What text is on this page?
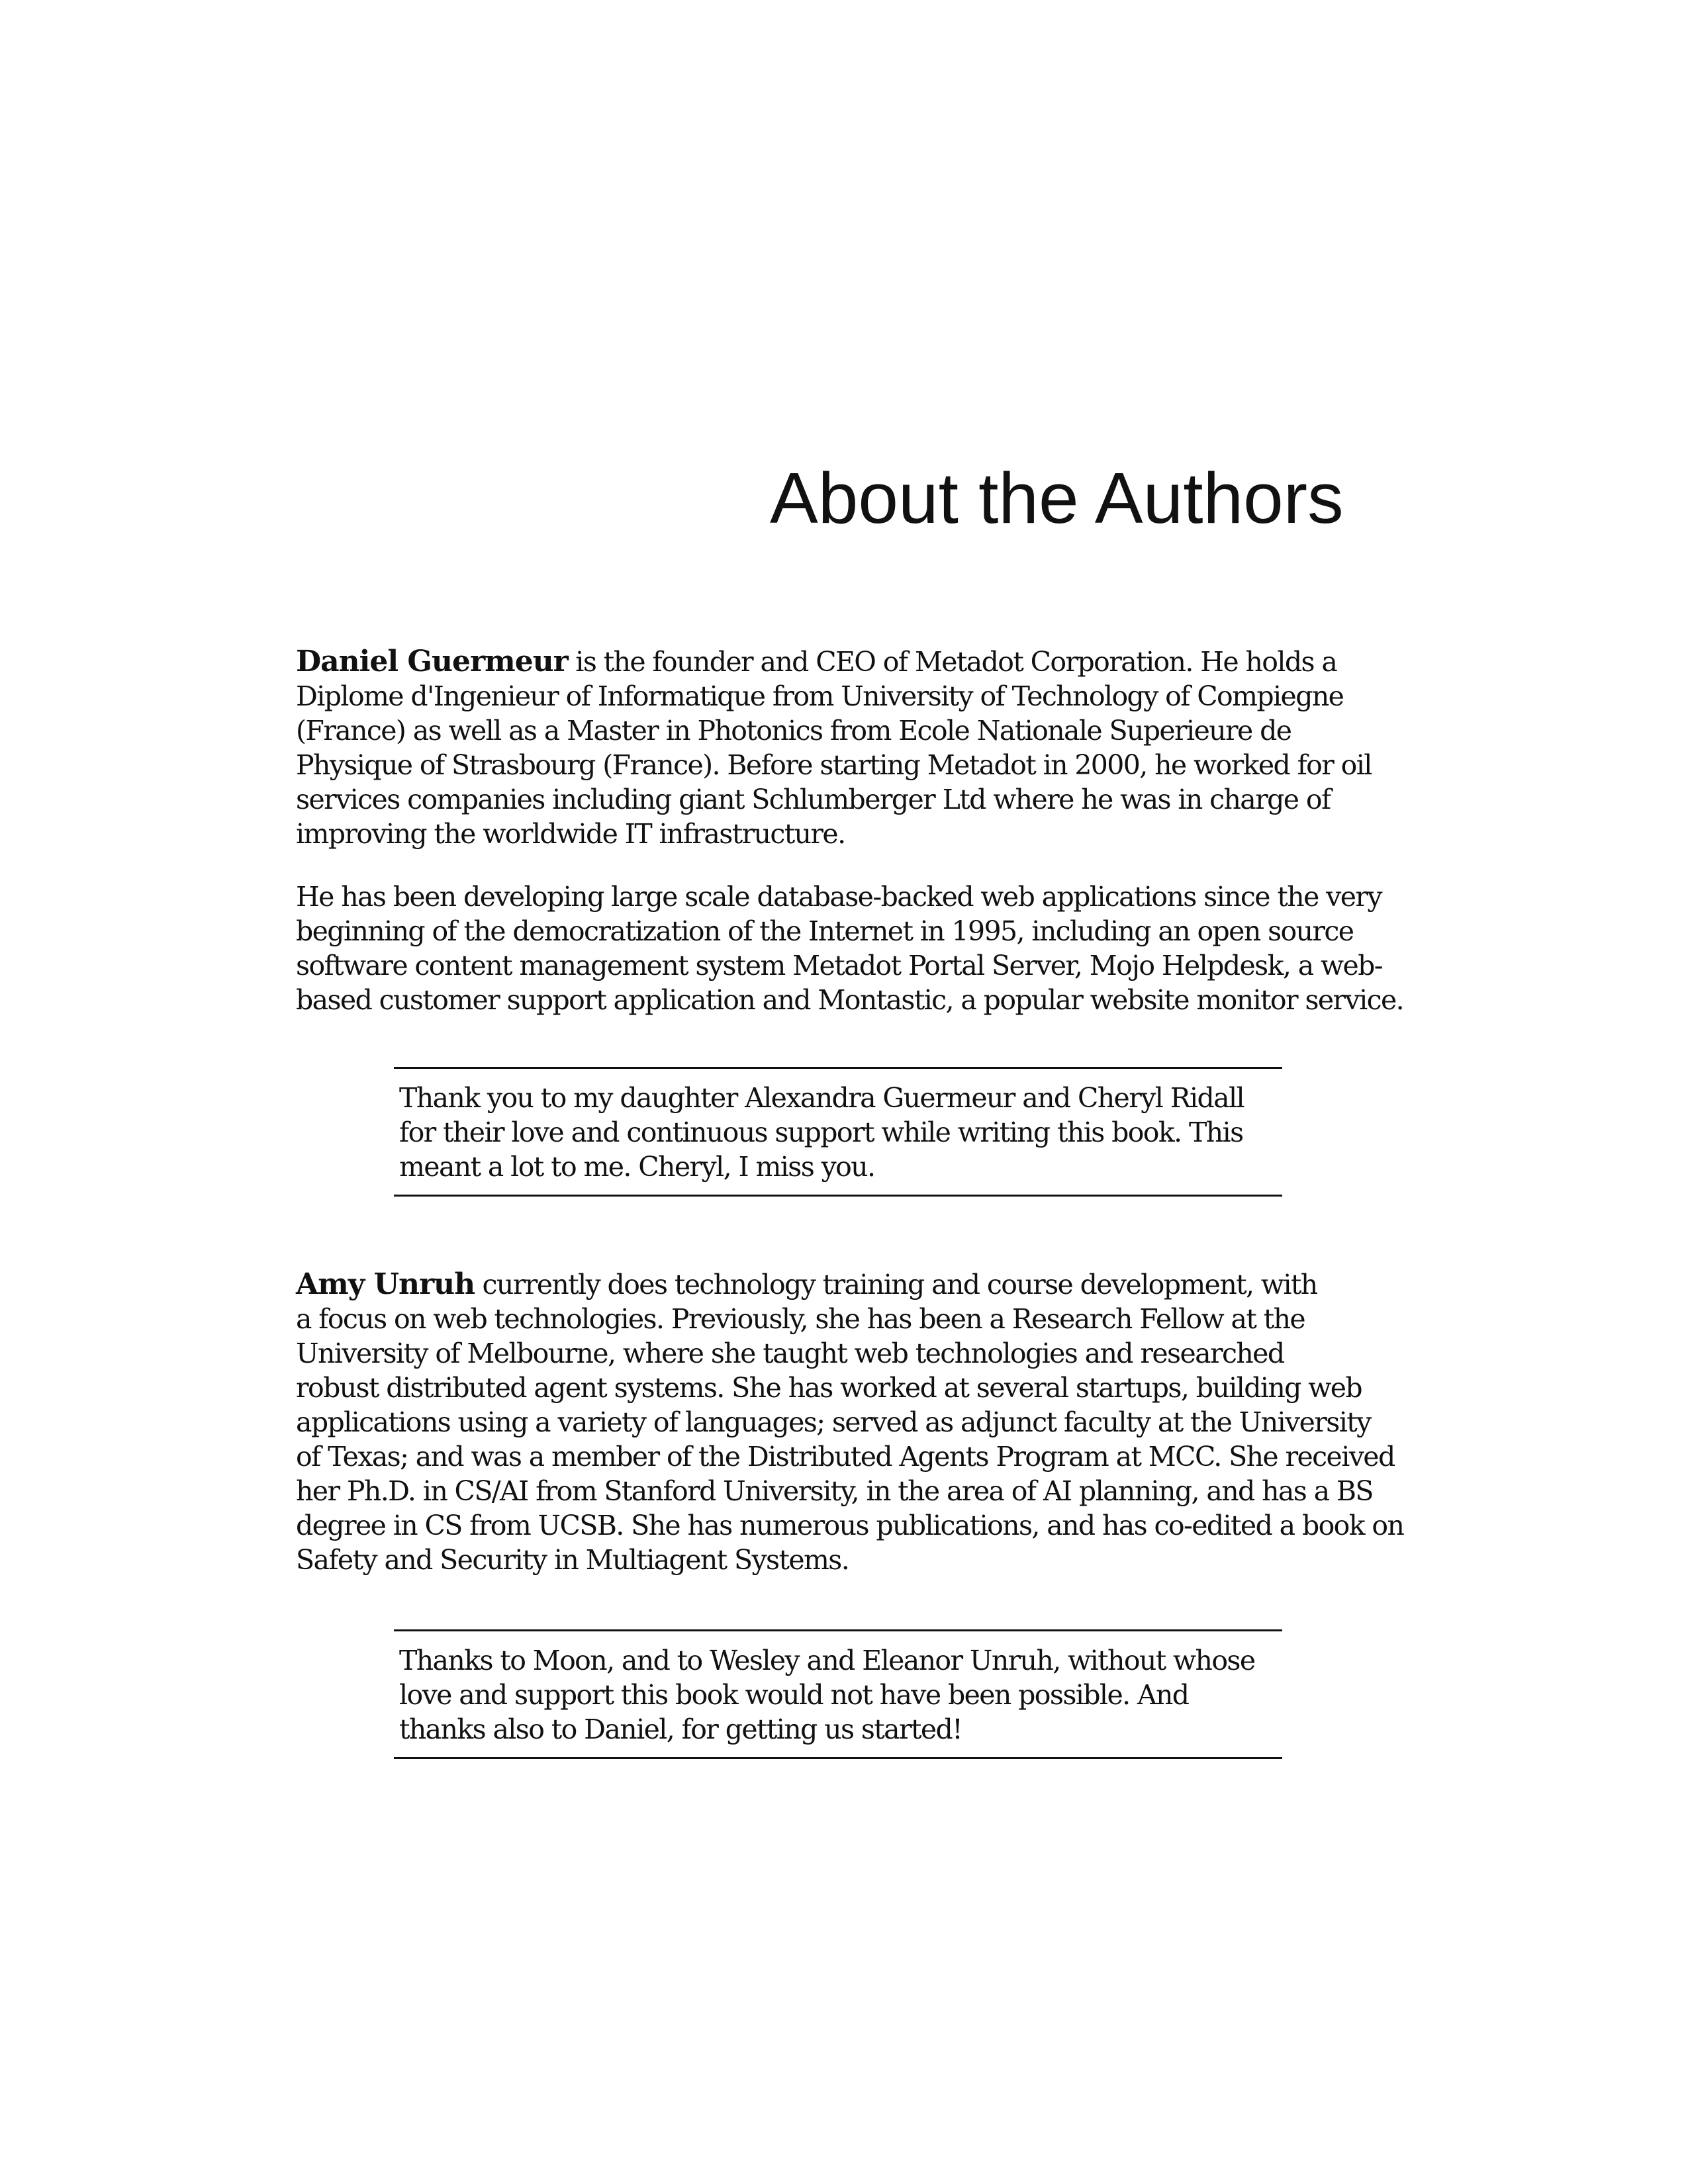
About the Authors

Daniel Guermeur is the founder and CEO of Metadot Corporation. He holds a
Diplome d'Ingenieur of Informatique from University of Technology of Compiegne
(France) as well as a Master in Photonics from Ecole Nationale Superieure de
Physique of Strasbourg (France). Before starting Metadot in 2000, he worked for oil
services companies including giant Schlumberger Ltd where he was in charge of
improving the worldwide IT infrastructure.

He has been developing large scale database-backed web applications since the very
beginning of the democratization of the Internet in 1995, including an open source
software content management system Metadot Portal Server, Mojo Helpdesk, a web-
based customer support application and Montastic, a popular website monitor service.

Thank you to my daughter Alexandra Guermeur and Cheryl Ridall

for their love and continuous support while writing this book. This

meant a lot to me. Cheryl, I miss you.

Amy Unruh currently does technology training and course development, with
a focus on web technologies. Previously, she has been a Research Fellow at the
University of Melbourne, where she taught web technologies and researched
robust distributed agent systems. She has worked at several startups, building web
applications using a variety of languages; served as adjunct faculty at the University
of Texas; and was a member of the Distributed Agents Program at MCC. She received
her Ph.D. in CS/AI from Stanford University, in the area of AI planning, and has a BS
degree in CS from UCSB. She has numerous publications, and has co-edited a book on
Safety and Security in Multiagent Systems.

Thanks to Moon, and to Wesley and Eleanor Unruh, without whose

love and support this book would not have been possible. And

thanks also to Daniel, for getting us started!
